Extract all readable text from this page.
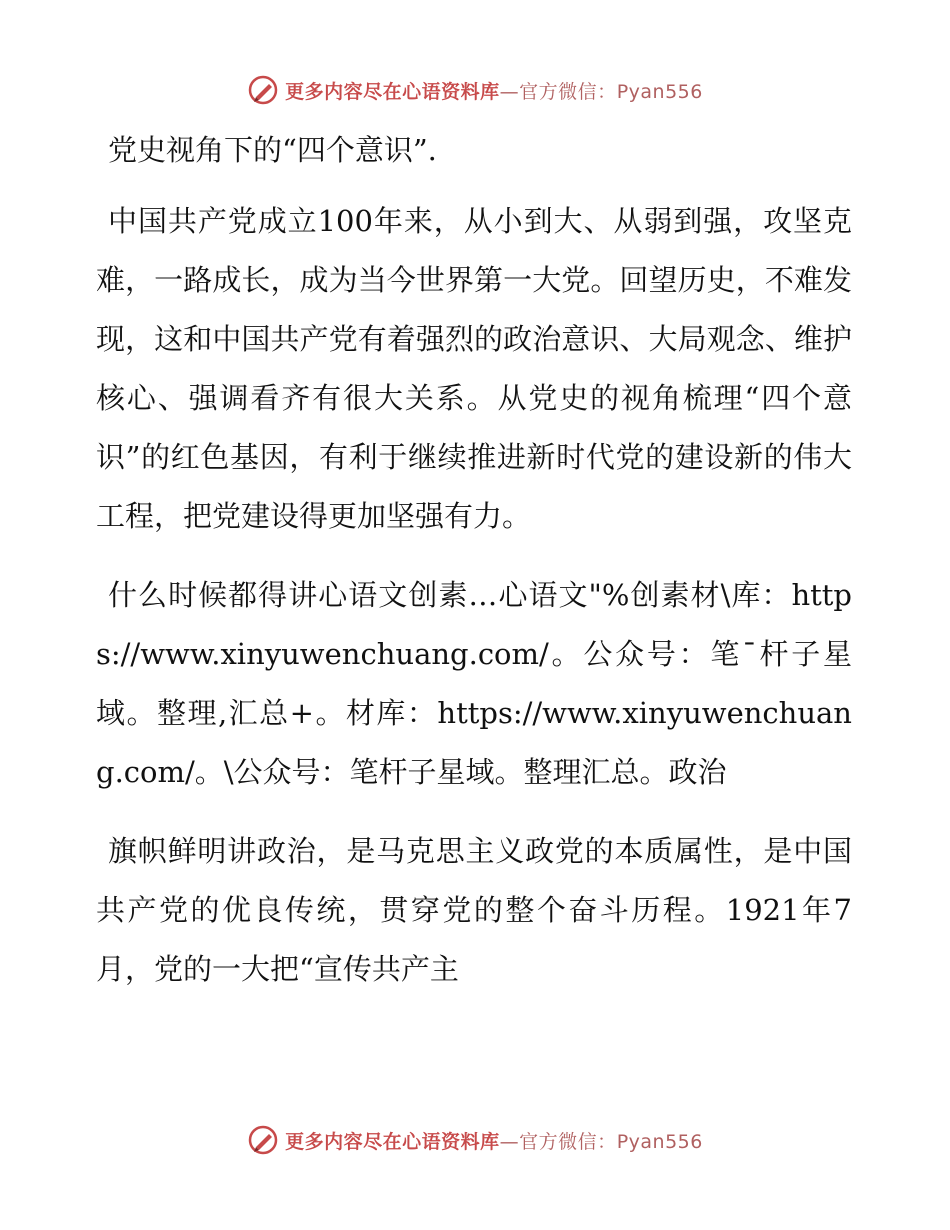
更多内容尽在心语资料库—官方微信：Pyan556
党史视角下的“四个意识”.

中国共产党成立100年来，从小到大、从弱到强，攻坚克难，一路成长，成为当今世界第一大党。回望历史，不难发现，这和中国共产党有着强烈的政治意识、大局观念、维护核心、强调看齐有很大关系。从党史的视角梳理“四个意识”的红色基因，有利于继续推进新时代党的建设新的伟大工程，把党建设得更加坚强有力。

什么时候都得讲心语文创素…心语文"%创素材\库：https://www.xinyuwenchuang.com/。公众号：笔¯杆子星域。整理,汇总+。材库：https://www.xinyuwenchuang.com/。\公众号：笔杆子星域。整理汇总。政治

旗帜鲜明讲政治，是马克思主义政党的本质属性，是中国共产党的优良传统，贯穿党的整个奋斗历程。1921年7月，党的一大把“宣传共产主

更多内容尽在心语资料库—官方微信：Pyan556
